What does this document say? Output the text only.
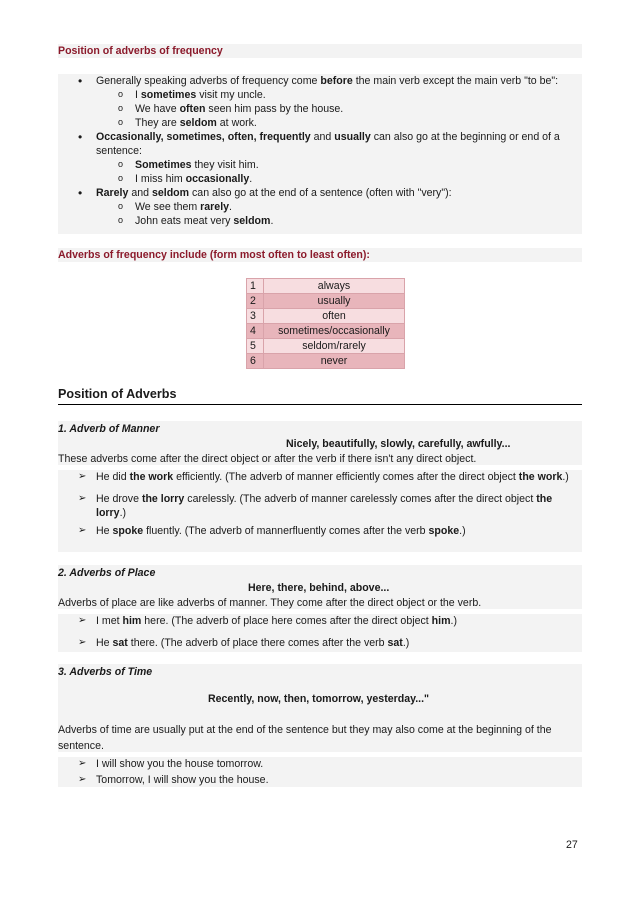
Position of adverbs of frequency
• Generally speaking adverbs of frequency come before the main verb except the main verb "to be":
o I sometimes visit my uncle.
o We have often seen him pass by the house.
o They are seldom at work.
• Occasionally, sometimes, often, frequently and usually can also go at the beginning or end of a sentence:
o Sometimes they visit him.
o I miss him occasionally.
• Rarely and seldom can also go at the end of a sentence (often with "very"):
o We see them rarely.
o John eats meat very seldom.
Adverbs of frequency include (form most often to least often):
1	always
2	usually
3	often
4	sometimes/occasionally
5	seldom/rarely
6	never
Position of Adverbs
1. Adverb of Manner
Nicely, beautifully, slowly, carefully, awfully...
These adverbs come after the direct object or after the verb if there isn't any direct object.
➢ He did the work efficiently. (The adverb of manner efficiently comes after the direct object the work.)
➢ He drove the lorry carelessly. (The adverb of manner carelessly comes after the direct object the lorry.)
➢ He spoke fluently. (The adverb of mannerfluently comes after the verb spoke.)
2. Adverbs of Place
Here, there, behind, above...
Adverbs of place are like adverbs of manner. They come after the direct object or the verb.
➢ I met him here. (The adverb of place here comes after the direct object him.)
➢ He sat there. (The adverb of place there comes after the verb sat.)
3. Adverbs of Time
Recently, now, then, tomorrow, yesterday..."
Adverbs of time are usually put at the end of the sentence but they may also come at the beginning of the sentence.
➢ I will show you the house tomorrow.
➢ Tomorrow, I will show you the house.
27
